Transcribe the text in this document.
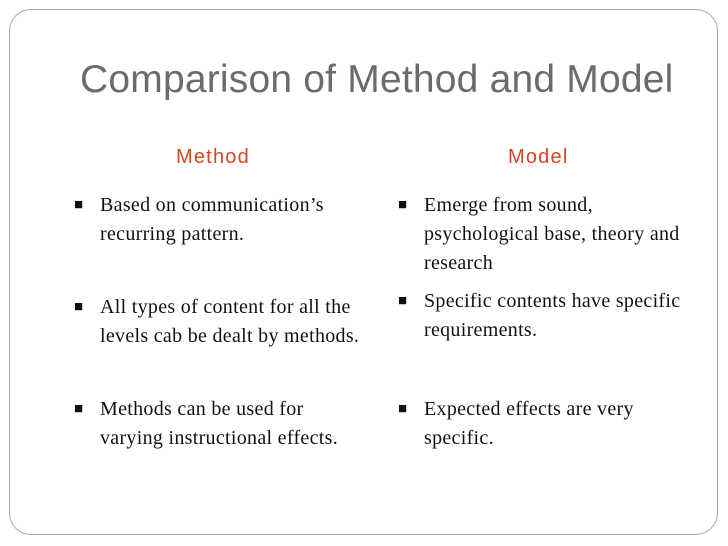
Comparison of Method and Model
Method	Model
■ Based on communication’s recurring pattern.
■ All types of content for all the levels cab be dealt by methods.
■ Methods can be used for varying instructional effects.
■ Emerge from sound, psychological base, theory and research
■ Specific contents have specific requirements.
■ Expected effects are very specific.
